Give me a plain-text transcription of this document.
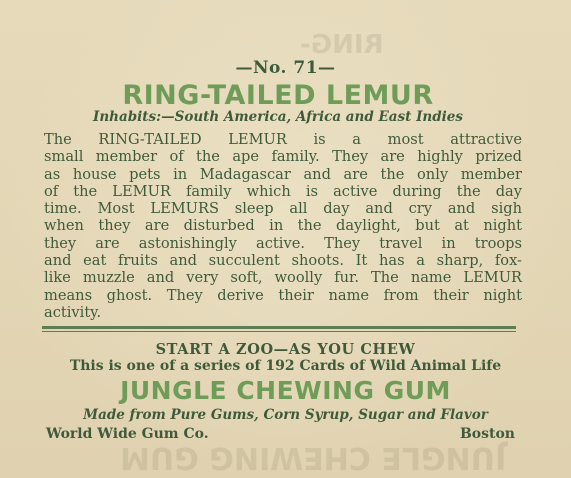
RING-
JUNGLE CHEWING GUM
—No. 71—
RING-TAILED LEMUR
Inhabits:—South America, Africa and East Indies

The RING-TAILED LEMUR is a most attractive
small member of the ape family. They are highly prized
as house pets in Madagascar and are the only member
of the LEMUR family which is active during the day
time. Most LEMURS sleep all day and cry and sigh
when they are disturbed in the daylight, but at night
they are astonishingly active. They travel in troops
and eat fruits and succulent shoots. It has a sharp, fox-
like muzzle and very soft, woolly fur. The name LEMUR
means ghost. They derive their name from their night
activity.

START A ZOO—AS YOU CHEW
This is one of a series of 192 Cards of Wild Animal Life
JUNGLE CHEWING GUM
Made from Pure Gums, Corn Syrup, Sugar and Flavor
World Wide Gum Co.	Boston
